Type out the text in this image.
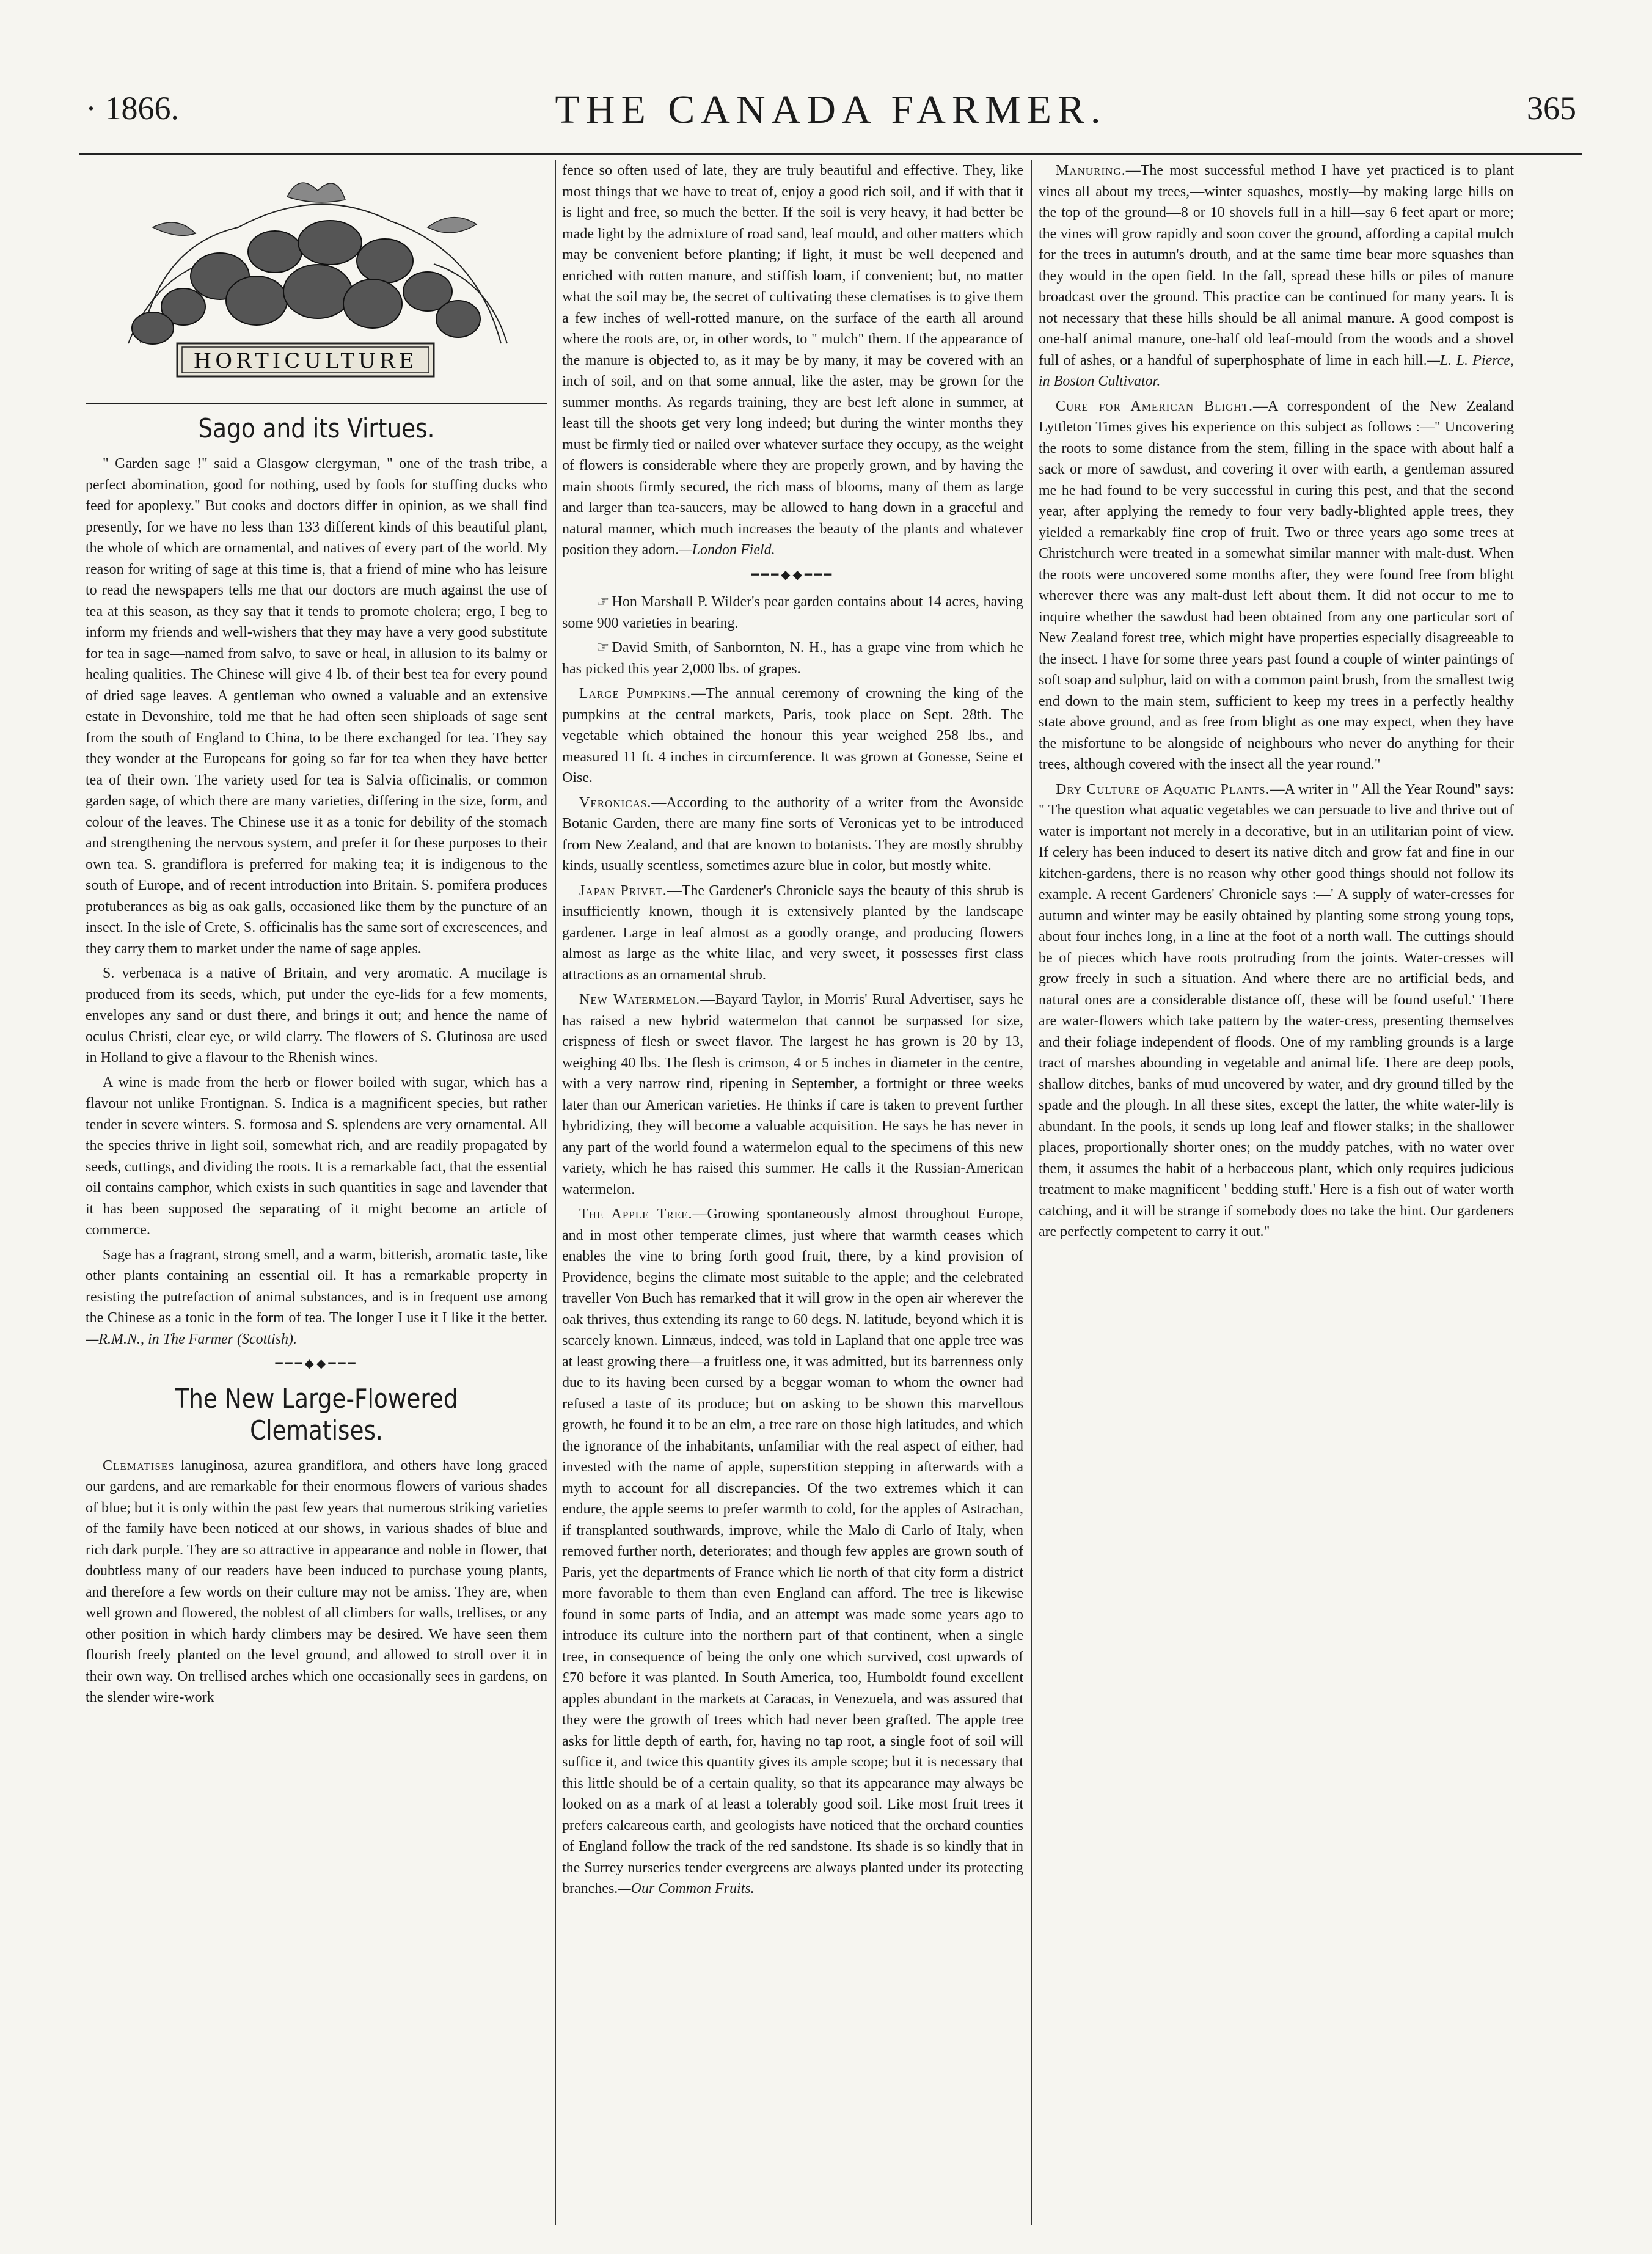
· 1866.	THE CANADA FARMER.	365
HORTICULTURE
Sago and its Virtues.

" Garden sage !" said a Glasgow clergyman, " one of the trash tribe, a perfect abomination, good for nothing, used by fools for stuffing ducks who feed for apoplexy." But cooks and doctors differ in opinion, as we shall find presently, for we have no less than 133 different kinds of this beautiful plant, the whole of which are ornamental, and natives of every part of the world. My reason for writing of sage at this time is, that a friend of mine who has leisure to read the newspapers tells me that our doctors are much against the use of tea at this season, as they say that it tends to promote cholera; ergo, I beg to inform my friends and well-wishers that they may have a very good substitute for tea in sage—named from salvo, to save or heal, in allusion to its balmy or healing qualities. The Chinese will give 4 lb. of their best tea for every pound of dried sage leaves. A gentleman who owned a valuable and an extensive estate in Devonshire, told me that he had often seen shiploads of sage sent from the south of England to China, to be there exchanged for tea. They say they wonder at the Europeans for going so far for tea when they have better tea of their own. The variety used for tea is Salvia officinalis, or common garden sage, of which there are many varieties, differing in the size, form, and colour of the leaves. The Chinese use it as a tonic for debility of the stomach and strengthening the nervous system, and prefer it for these purposes to their own tea. S. grandiflora is preferred for making tea; it is indigenous to the south of Europe, and of recent introduction into Britain. S. pomifera produces protuberances as big as oak galls, occasioned like them by the puncture of an insect. In the isle of Crete, S. officinalis has the same sort of excrescences, and they carry them to market under the name of sage apples.

S. verbenaca is a native of Britain, and very aromatic. A mucilage is produced from its seeds, which, put under the eye-lids for a few moments, envelopes any sand or dust there, and brings it out; and hence the name of oculus Christi, clear eye, or wild clarry. The flowers of S. Glutinosa are used in Holland to give a flavour to the Rhenish wines.

A wine is made from the herb or flower boiled with sugar, which has a flavour not unlike Frontignan. S. Indica is a magnificent species, but rather tender in severe winters. S. formosa and S. splendens are very ornamental. All the species thrive in light soil, somewhat rich, and are readily propagated by seeds, cuttings, and dividing the roots. It is a remarkable fact, that the essential oil contains camphor, which exists in such quantities in sage and lavender that it has been supposed the separating of it might become an article of commerce.

Sage has a fragrant, strong smell, and a warm, bitterish, aromatic taste, like other plants containing an essential oil. It has a remarkable property in resisting the putrefaction of animal substances, and is in frequent use among the Chinese as a tonic in the form of tea. The longer I use it I like it the better. —R.M.N., in The Farmer (Scottish).

━━━◆◆━━━
The New Large-Flowered Clematises.

Clematises lanuginosa, azurea grandiflora, and others have long graced our gardens, and are remarkable for their enormous flowers of various shades of blue; but it is only within the past few years that numerous striking varieties of the family have been noticed at our shows, in various shades of blue and rich dark purple. They are so attractive in appearance and noble in flower, that doubtless many of our readers have been induced to purchase young plants, and therefore a few words on their culture may not be amiss. They are, when well grown and flowered, the noblest of all climbers for walls, trellises, or any other position in which hardy climbers may be desired. We have seen them flourish freely planted on the level ground, and allowed to stroll over it in their own way. On trellised arches which one occasionally sees in gardens, on the slender wire-work

fence so often used of late, they are truly beautiful and effective. They, like most things that we have to treat of, enjoy a good rich soil, and if with that it is light and free, so much the better. If the soil is very heavy, it had better be made light by the admixture of road sand, leaf mould, and other matters which may be convenient before planting; if light, it must be well deepened and enriched with rotten manure, and stiffish loam, if convenient; but, no matter what the soil may be, the secret of cultivating these clematises is to give them a few inches of well-rotted manure, on the surface of the earth all around where the roots are, or, in other words, to " mulch" them. If the appearance of the manure is objected to, as it may be by many, it may be covered with an inch of soil, and on that some annual, like the aster, may be grown for the summer months. As regards training, they are best left alone in summer, at least till the shoots get very long indeed; but during the winter months they must be firmly tied or nailed over whatever surface they occupy, as the weight of flowers is considerable where they are properly grown, and by having the main shoots firmly secured, the rich mass of blooms, many of them as large and larger than tea-saucers, may be allowed to hang down in a graceful and natural manner, which much increases the beauty of the plants and whatever position they adorn.—London Field.

━━━◆◆━━━

☞ Hon Marshall P. Wilder's pear garden contains about 14 acres, having some 900 varieties in bearing.

☞ David Smith, of Sanbornton, N. H., has a grape vine from which he has picked this year 2,000 lbs. of grapes.

Large Pumpkins.—The annual ceremony of crowning the king of the pumpkins at the central markets, Paris, took place on Sept. 28th. The vegetable which obtained the honour this year weighed 258 lbs., and measured 11 ft. 4 inches in circumference. It was grown at Gonesse, Seine et Oise.

Veronicas.—According to the authority of a writer from the Avonside Botanic Garden, there are many fine sorts of Veronicas yet to be introduced from New Zealand, and that are known to botanists. They are mostly shrubby kinds, usually scentless, sometimes azure blue in color, but mostly white.

Japan Privet.—The Gardener's Chronicle says the beauty of this shrub is insufficiently known, though it is extensively planted by the landscape gardener. Large in leaf almost as a goodly orange, and producing flowers almost as large as the white lilac, and very sweet, it possesses first class attractions as an ornamental shrub.

New Watermelon.—Bayard Taylor, in Morris' Rural Advertiser, says he has raised a new hybrid watermelon that cannot be surpassed for size, crispness of flesh or sweet flavor. The largest he has grown is 20 by 13, weighing 40 lbs. The flesh is crimson, 4 or 5 inches in diameter in the centre, with a very narrow rind, ripening in September, a fortnight or three weeks later than our American varieties. He thinks if care is taken to prevent further hybridizing, they will become a valuable acquisition. He says he has never in any part of the world found a watermelon equal to the specimens of this new variety, which he has raised this summer. He calls it the Russian-American watermelon.

The Apple Tree.—Growing spontaneously almost throughout Europe, and in most other temperate climes, just where that warmth ceases which enables the vine to bring forth good fruit, there, by a kind provision of Providence, begins the climate most suitable to the apple; and the celebrated traveller Von Buch has remarked that it will grow in the open air wherever the oak thrives, thus extending its range to 60 degs. N. latitude, beyond which it is scarcely known. Linnæus, indeed, was told in Lapland that one apple tree was at least growing there—a fruitless one, it was admitted, but its barrenness only due to its having been cursed by a beggar woman to whom the owner had refused a taste of its produce; but on asking to be shown this marvellous growth, he found it to be an elm, a tree rare on those high latitudes, and which the ignorance of the inhabitants, unfamiliar with the real aspect of either, had invested with the name of apple, superstition stepping in afterwards with a myth to account for all discrepancies. Of the two extremes which it can endure, the apple seems to prefer warmth to cold, for the apples of Astrachan, if transplanted southwards, improve, while the Malo di Carlo of Italy, when removed further north, deteriorates; and though few apples are grown south of Paris, yet the departments of France which lie north of that city form a district more favorable to them than even England can afford. The tree is likewise found in some parts of India, and an attempt was made some years ago to introduce its culture into the northern part of that continent, when a single tree, in consequence of being the only one which survived, cost upwards of £70 before it was planted. In South America, too, Humboldt found excellent apples abundant in the markets at Caracas, in Venezuela, and was assured that they were the growth of trees which had never been grafted. The apple tree asks for little depth of earth, for, having no tap root, a single foot of soil will suffice it, and twice this quantity gives its ample scope; but it is necessary that this little should be of a certain quality, so that its appearance may always be looked on as a mark of at least a tolerably good soil. Like most fruit trees it prefers calcareous earth, and geologists have noticed that the orchard counties of England follow the track of the red sandstone. Its shade is so kindly that in the Surrey nurseries tender evergreens are always planted under its protecting branches.—Our Common Fruits.

Manuring.—The most successful method I have yet practiced is to plant vines all about my trees,—winter squashes, mostly—by making large hills on the top of the ground—8 or 10 shovels full in a hill—say 6 feet apart or more; the vines will grow rapidly and soon cover the ground, affording a capital mulch for the trees in autumn's drouth, and at the same time bear more squashes than they would in the open field. In the fall, spread these hills or piles of manure broadcast over the ground. This practice can be continued for many years. It is not necessary that these hills should be all animal manure. A good compost is one-half animal manure, one-half old leaf-mould from the woods and a shovel full of ashes, or a handful of superphosphate of lime in each hill.—L. L. Pierce, in Boston Cultivator.

Cure for American Blight.—A correspondent of the New Zealand Lyttleton Times gives his experience on this subject as follows :—" Uncovering the roots to some distance from the stem, filling in the space with about half a sack or more of sawdust, and covering it over with earth, a gentleman assured me he had found to be very successful in curing this pest, and that the second year, after applying the remedy to four very badly-blighted apple trees, they yielded a remarkably fine crop of fruit. Two or three years ago some trees at Christchurch were treated in a somewhat similar manner with malt-dust. When the roots were uncovered some months after, they were found free from blight wherever there was any malt-dust left about them. It did not occur to me to inquire whether the sawdust had been obtained from any one particular sort of New Zealand forest tree, which might have properties especially disagreeable to the insect. I have for some three years past found a couple of winter paintings of soft soap and sulphur, laid on with a common paint brush, from the smallest twig end down to the main stem, sufficient to keep my trees in a perfectly healthy state above ground, and as free from blight as one may expect, when they have the misfortune to be alongside of neighbours who never do anything for their trees, although covered with the insect all the year round."

Dry Culture of Aquatic Plants.—A writer in " All the Year Round" says: " The question what aquatic vegetables we can persuade to live and thrive out of water is important not merely in a decorative, but in an utilitarian point of view. If celery has been induced to desert its native ditch and grow fat and fine in our kitchen-gardens, there is no reason why other good things should not follow its example. A recent Gardeners' Chronicle says :—' A supply of water-cresses for autumn and winter may be easily obtained by planting some strong young tops, about four inches long, in a line at the foot of a north wall. The cuttings should be of pieces which have roots protruding from the joints. Water-cresses will grow freely in such a situation. And where there are no artificial beds, and natural ones are a considerable distance off, these will be found useful.' There are water-flowers which take pattern by the water-cress, presenting themselves and their foliage independent of floods. One of my rambling grounds is a large tract of marshes abounding in vegetable and animal life. There are deep pools, shallow ditches, banks of mud uncovered by water, and dry ground tilled by the spade and the plough. In all these sites, except the latter, the white water-lily is abundant. In the pools, it sends up long leaf and flower stalks; in the shallower places, proportionally shorter ones; on the muddy patches, with no water over them, it assumes the habit of a herbaceous plant, which only requires judicious treatment to make magnificent ' bedding stuff.' Here is a fish out of water worth catching, and it will be strange if somebody does no take the hint. Our gardeners are perfectly competent to carry it out."
